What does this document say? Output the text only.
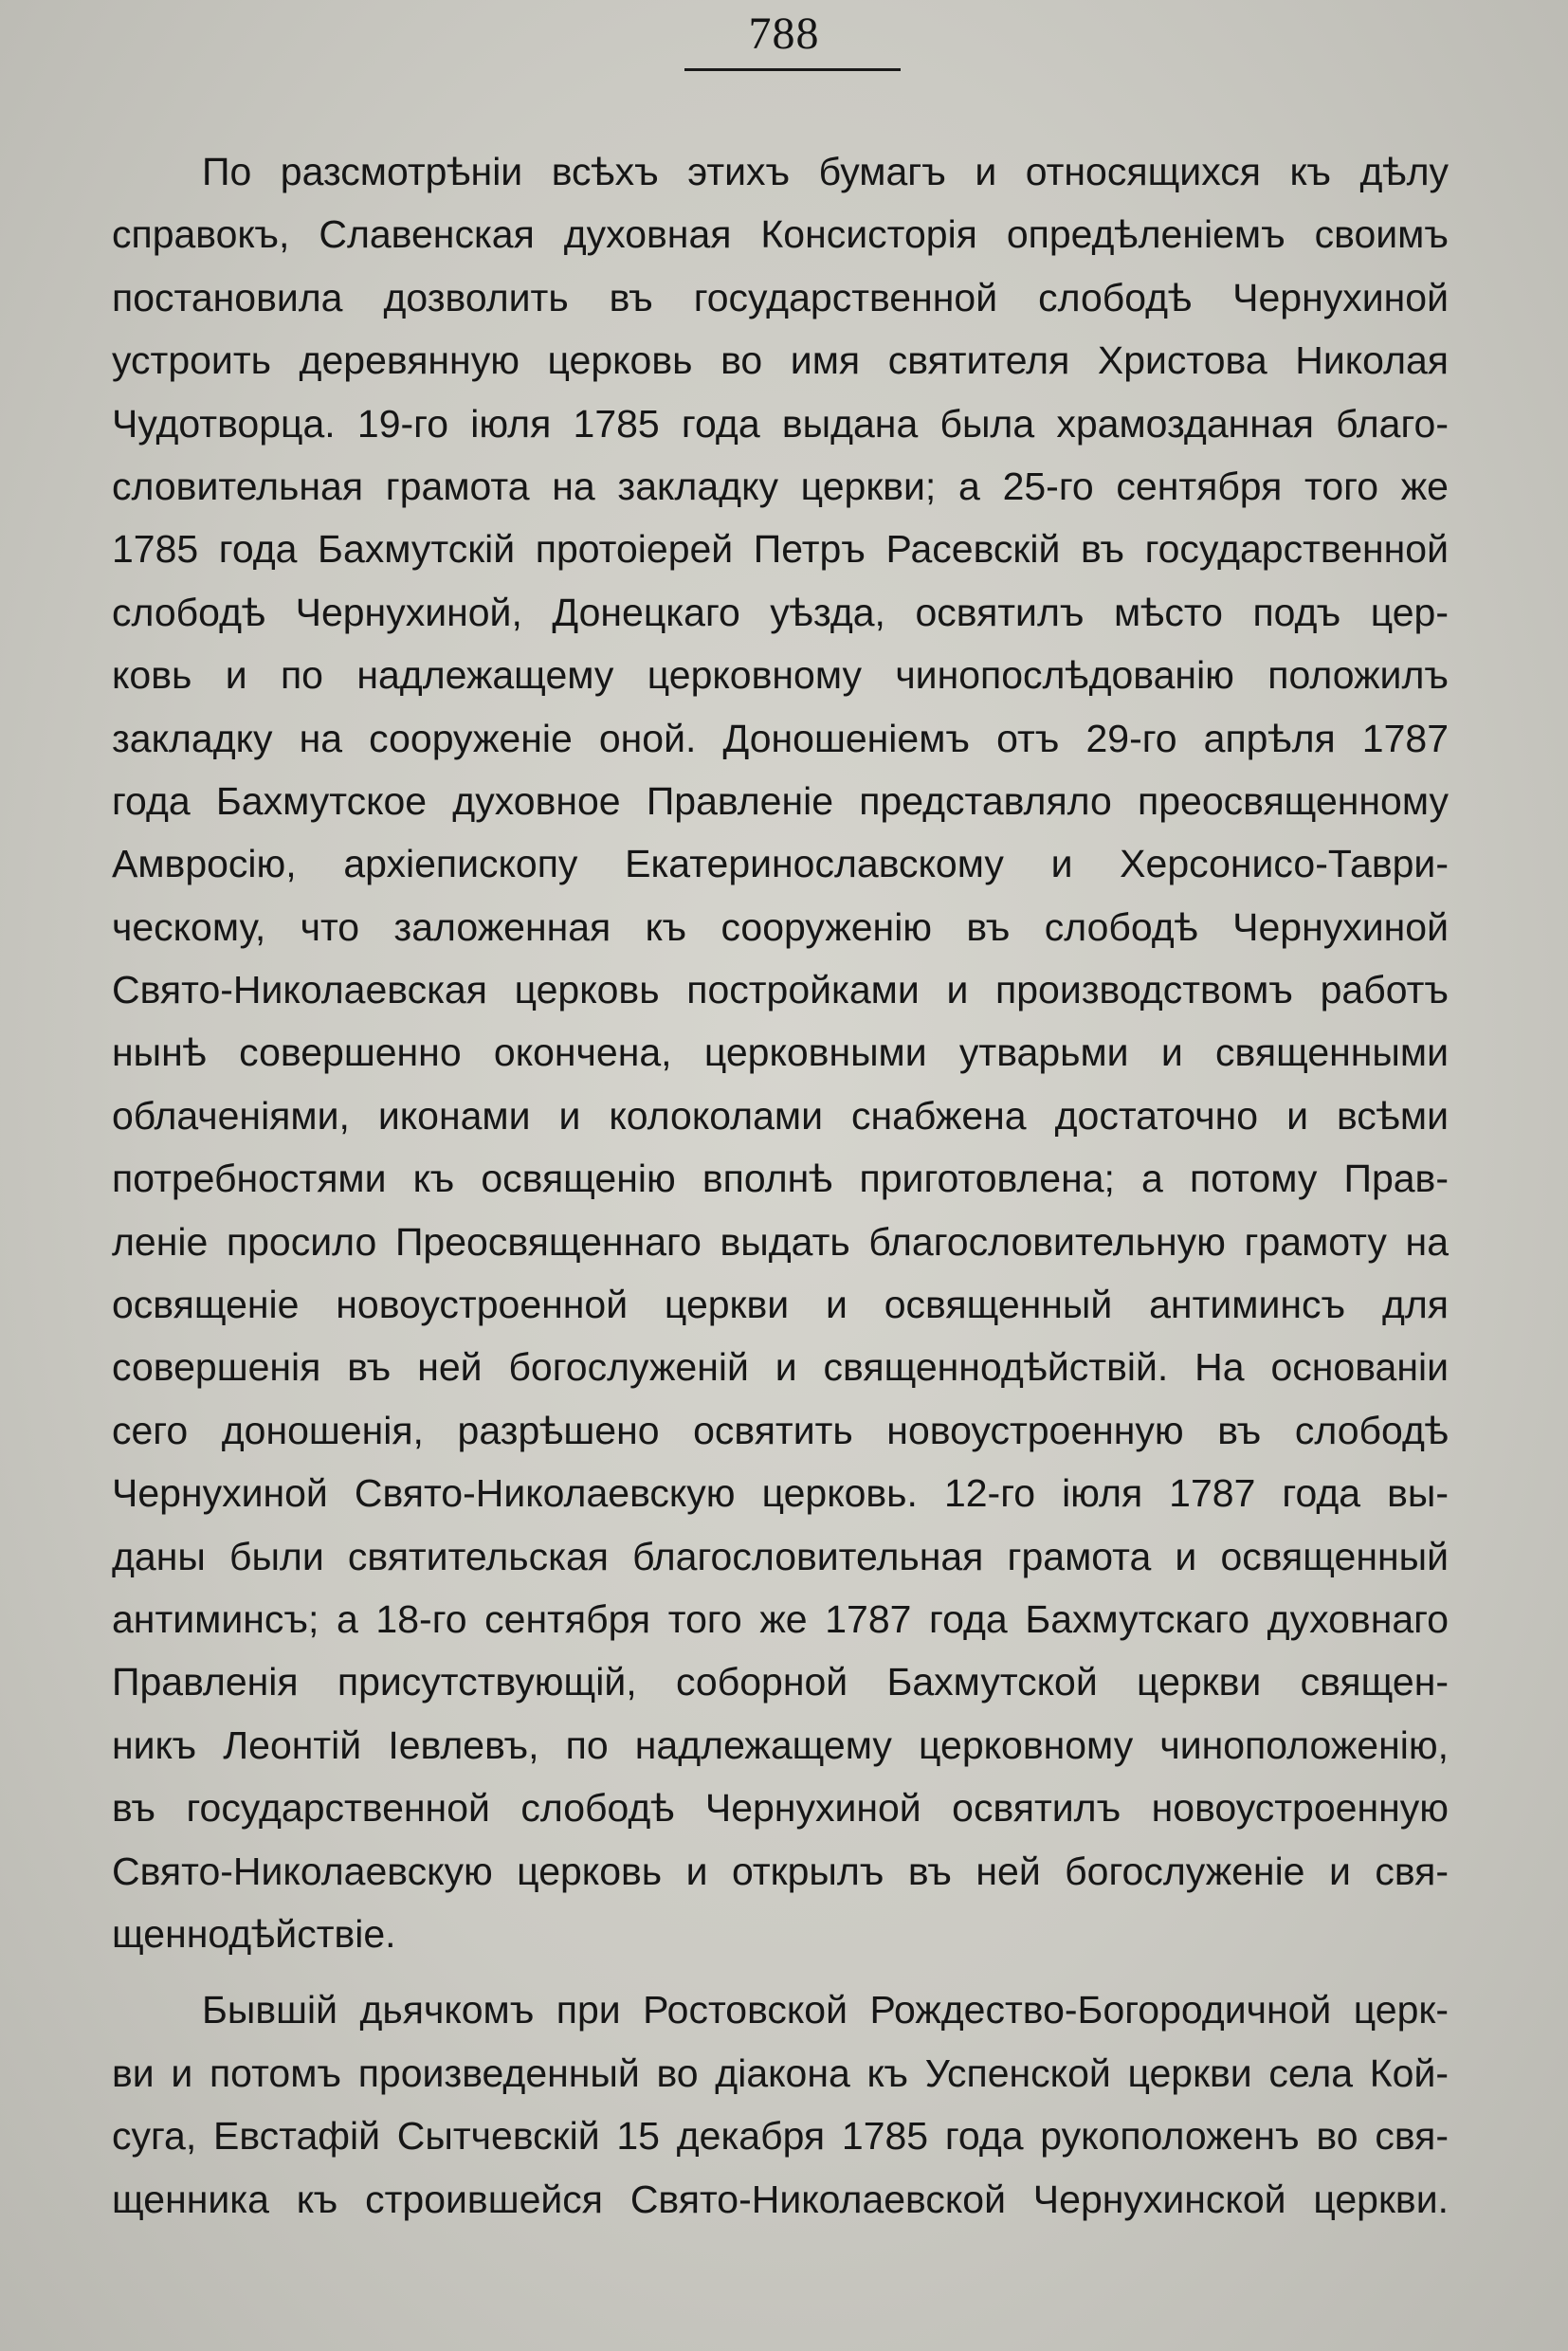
788
По разсмотрѣніи всѣхъ этихъ бумагъ и относящихся къ дѣлу
справокъ, Славенская духовная Консисторія опредѣленіемъ своимъ
постановила дозволить въ государственной слободѣ Чернухиной
устроить деревянную церковь во имя святителя Христова Николая
Чудотворца. 19-го іюля 1785 года выдана была храмозданная благо-
словительная грамота на закладку церкви; а 25-го сентября того же
1785 года Бахмутскій протоіерей Петръ Расевскій въ государственной
слободѣ Чернухиной, Донецкаго уѣзда, освятилъ мѣсто подъ цер-
ковь и по надлежащему церковному чинопослѣдованію положилъ
закладку на сооруженіе оной. Доношеніемъ отъ 29-го апрѣля 1787
года Бахмутское духовное Правленіе представляло преосвященному
Амвросію, архіепископу Екатеринославскому и Херсонисо-Таври-
ческому, что заложенная къ сооруженію въ слободѣ Чернухиной
Свято-Николаевская церковь постройками и производствомъ работъ
нынѣ совершенно окончена, церковными утварьми и священными
облаченіями, иконами и колоколами снабжена достаточно и всѣми
потребностями къ освященію вполнѣ приготовлена; а потому Прав-
леніе просило Преосвященнаго выдать благословительную грамоту на
освященіе новоустроенной церкви и освященный антиминсъ для
совершенія въ ней богослуженій и священнодѣйствій. На основаніи
сего доношенія, разрѣшено освятить новоустроенную въ слободѣ
Чернухиной Свято-Николаевскую церковь. 12-го іюля 1787 года вы-
даны были святительская благословительная грамота и освященный
антиминсъ; а 18-го сентября того же 1787 года Бахмутскаго духовнаго
Правленія присутствующій, соборной Бахмутской церкви священ-
никъ Леонтій Іевлевъ, по надлежащему церковному чиноположенію,
въ государственной слободѣ Чернухиной освятилъ новоустроенную
Свято-Николаевскую церковь и открылъ въ ней богослуженіе и свя-
щеннодѣйствіе.
Бывшій дьячкомъ при Ростовской Рождество-Богородичной церк-
ви и потомъ произведенный во діакона къ Успенской церкви села Кой-
суга, Евстафій Сытчевскій 15 декабря 1785 года рукоположенъ во свя-
щенника къ строившейся Свято-Николаевской Чернухинской церкви.
